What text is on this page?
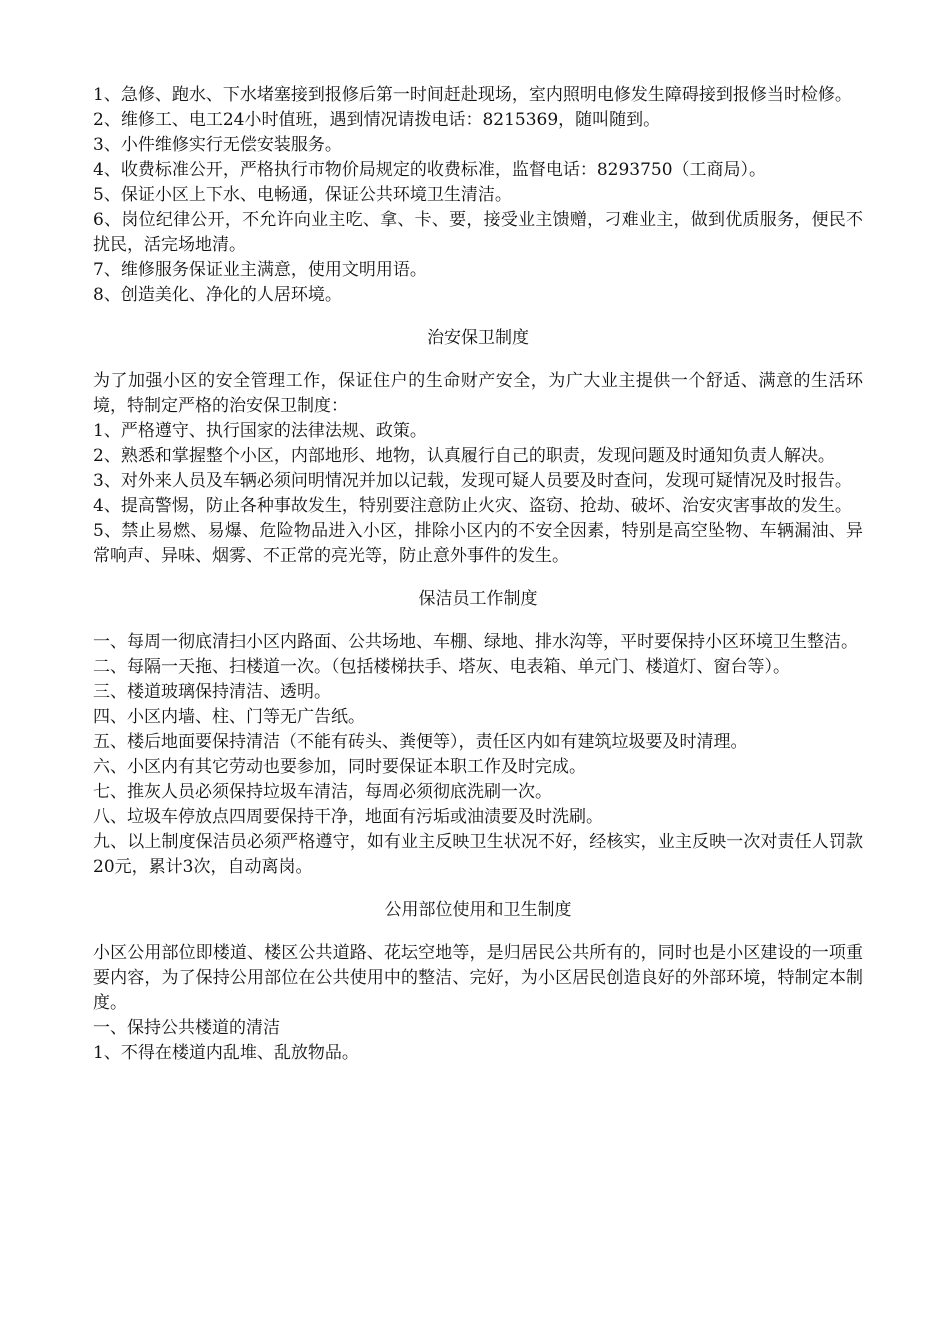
1、急修、跑水、下水堵塞接到报修后第一时间赶赴现场，室内照明电修发生障碍接到报修当时检修。

2、维修工、电工24小时值班，遇到情况请拨电话：8215369，随叫随到。

3、小件维修实行无偿安装服务。

4、收费标准公开，严格执行市物价局规定的收费标准，监督电话：8293750（工商局）。

5、保证小区上下水、电畅通，保证公共环境卫生清洁。

6、岗位纪律公开，不允许向业主吃、拿、卡、要，接受业主馈赠，刁难业主，做到优质服务，便民不扰民，活完场地清。

7、维修服务保证业主满意，使用文明用语。

8、创造美化、净化的人居环境。

治安保卫制度

为了加强小区的安全管理工作，保证住户的生命财产安全，为广大业主提供一个舒适、满意的生活环境，特制定严格的治安保卫制度：

1、严格遵守、执行国家的法律法规、政策。

2、熟悉和掌握整个小区，内部地形、地物，认真履行自己的职责，发现问题及时通知负责人解决。

3、对外来人员及车辆必须问明情况并加以记载，发现可疑人员要及时查问，发现可疑情况及时报告。

4、提高警惕，防止各种事故发生，特别要注意防止火灾、盗窃、抢劫、破坏、治安灾害事故的发生。

5、禁止易燃、易爆、危险物品进入小区，排除小区内的不安全因素，特别是高空坠物、车辆漏油、异常响声、异味、烟雾、不正常的亮光等，防止意外事件的发生。

保洁员工作制度

一、每周一彻底清扫小区内路面、公共场地、车棚、绿地、排水沟等，平时要保持小区环境卫生整洁。

二、每隔一天拖、扫楼道一次。（包括楼梯扶手、塔灰、电表箱、单元门、楼道灯、窗台等）。

三、楼道玻璃保持清洁、透明。

四、小区内墙、柱、门等无广告纸。

五、楼后地面要保持清洁（不能有砖头、粪便等），责任区内如有建筑垃圾要及时清理。

六、小区内有其它劳动也要参加，同时要保证本职工作及时完成。

七、推灰人员必须保持垃圾车清洁，每周必须彻底洗刷一次。

八、垃圾车停放点四周要保持干净，地面有污垢或油渍要及时洗刷。

九、以上制度保洁员必须严格遵守，如有业主反映卫生状况不好，经核实，业主反映一次对责任人罚款20元，累计3次，自动离岗。

公用部位使用和卫生制度

小区公用部位即楼道、楼区公共道路、花坛空地等，是归居民公共所有的，同时也是小区建设的一项重要内容，为了保持公用部位在公共使用中的整洁、完好，为小区居民创造良好的外部环境，特制定本制度。

一、保持公共楼道的清洁

1、不得在楼道内乱堆、乱放物品。
